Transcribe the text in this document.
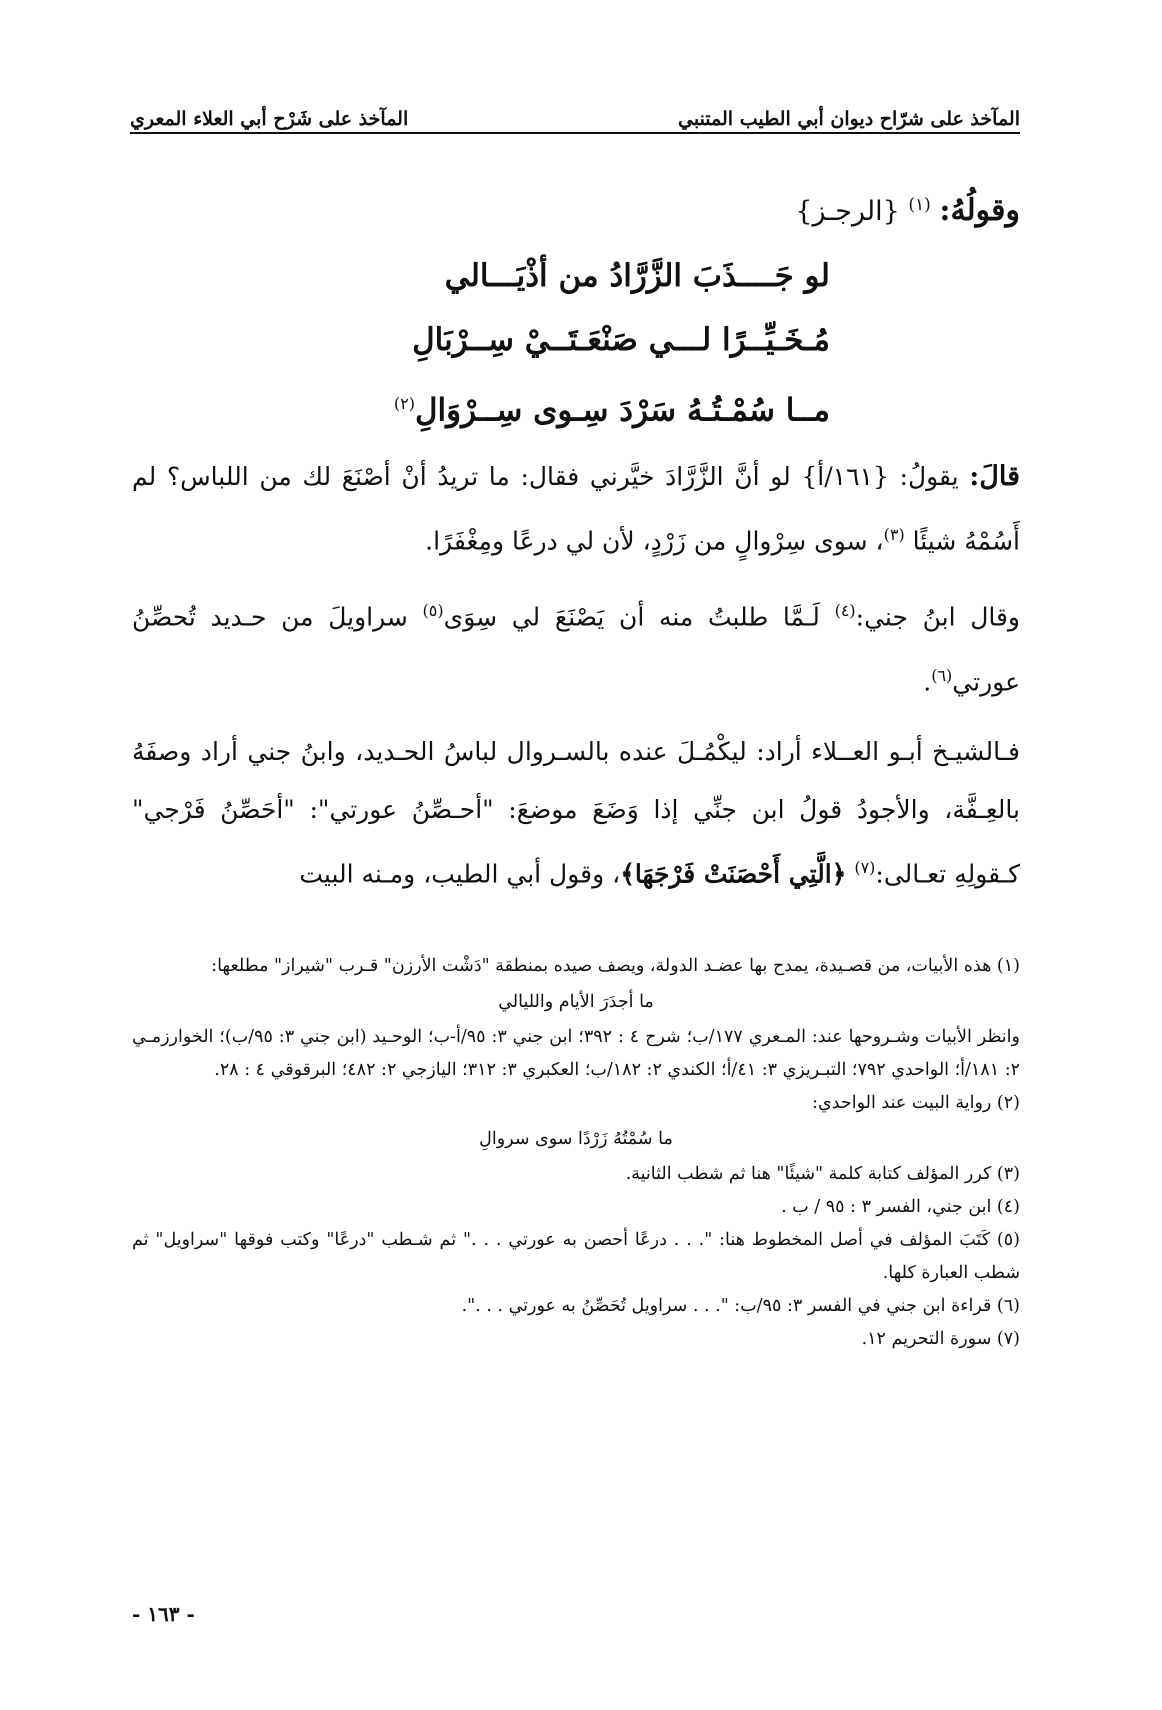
المآخذ على شرّاح ديوان أبي الطيب المتنبي
المآخذ على شَرْح أبي العلاء المعري
وقولُهُ: $^{(١)}$ {الرجـز}
لو جَــــذَبَ الزَّرَّادُ من أذْيَـــالي
مُـخَـيِّــرًا لـــي صَنْعَـتَــيْ سِــرْبَالِ
مــا سُمْـتُـهُ سَرْدَ سِـوى سِــرْوَالِ$^{(٢)}$
قالَ: يقولُ: {١٦١/أ} لو أنَّ الزَّرَّادَ خيَّرني فقال: ما تريدُ أنْ أصْنَعَ لك من اللباس؟ لم أَسُمْهُ شيئًا $^{(٣)}$، سوى سِرْوالٍ من زَرْدٍ، لأن لي درعًا ومِغْفَرًا.
وقال ابنُ جني:$^{(٤)}$ لَـمَّا طلبتُ منه أن يَصْنَعَ لي سِوَى$^{(٥)}$ سراويلَ من حـديد تُحصِّنُ عورتي$^{(٦)}$.
فـالشيـخ أبـو العــلاء أراد: ليكْمُـلَ عنده بالسـروال لباسُ الحـديد، وابنُ جني أراد وصفَهُ بالعِـفَّة، والأجودُ قولُ ابن جنِّي إذا وَضَعَ موضعَ: "أحـصِّنُ عورتي": "أحَصِّنُ فَرْجي" كـقولِهِ تعـالى:$^{(٧)}$ ﴿الَّتِي أَحْصَنَتْ فَرْجَهَا﴾، وقول أبي الطيب، ومـنه البيت
(١) هذه الأبيات، من قصـيدة، يمدح بها عضـد الدولة، ويصف صيده بمنطقة "دَشْت الأرزن" قـرب "شيراز" مطلعها:
ما أجدَرَ الأيام والليالي
وانظر الأبيات وشـروحها عند: المـعري ١٧٧/ب؛ شرح ٤ : ٣٩٢؛ ابن جني ٣: ٩٥/أ-ب؛ الوحـيد (ابن جني ٣: ٩٥/ب)؛ الخوارزمـي ٢: ١٨١/أ؛ الواحدي ٧٩٢؛ التبـريزي ٣: ٤١/أ؛ الكندي ٢: ١٨٢/ب؛ العكبري ٣: ٣١٢؛ اليازجي ٢: ٤٨٢؛ البرقوقي ٤ : ٢٨.
(٢) رواية البيت عند الواحدي:
ما سُمْتُهُ زَرْدًا سوى سروالِ
(٣) كرر المؤلف كتابة كلمة "شيئًا" هنا ثم شطب الثانية.
(٤) ابن جني، الفسر ٣ : ٩٥ / ب .
(٥) كَتَبَ المؤلف في أصل المخطوط هنا: ". . . درعًا أحصن به عورتي . . ." ثم شـطب "درعًا" وكتب فوقها "سراويل" ثم شطب العبارة كلها.
(٦) قراءة ابن جني في الفسر ٣: ٩٥/ب: ". . . سراويل تُحَصِّنُ به عورتي . . .".
(٧) سورة التحريم ١٢.
- ١٦٣ -
